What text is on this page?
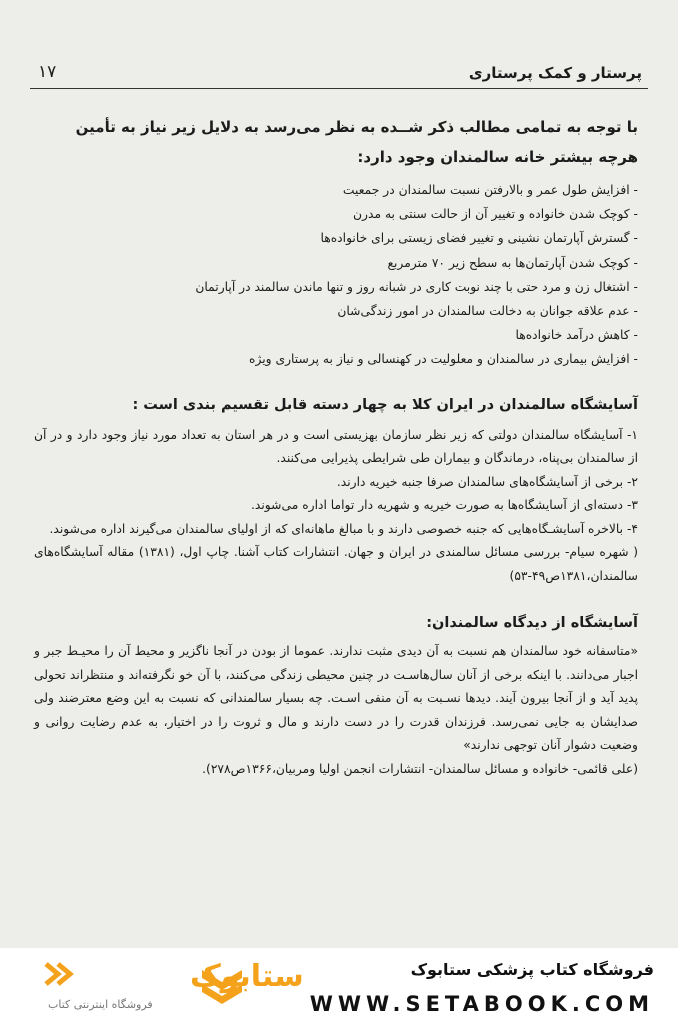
پرستار و کمک پرستاری
۱۷
با توجه به تمامی مطالب ذکر شــده به نظر می‌رسد به دلایل زیر نیاز به تأمین هرچه بیشتر خانه سالمندان وجود دارد:
- افزایش طول عمر و بالارفتن نسبت سالمندان در جمعیت
- کوچک شدن خانواده و تغییر آن از حالت سنتی به مدرن
- گسترش آپارتمان نشینی و تغییر فضای زیستی برای خانواده‌ها
- کوچک شدن آپارتمان‌ها به سطح زیر ۷۰ مترمربع
- اشتغال زن و مرد حتی با چند نوبت کاری در شبانه روز و تنها ماندن سالمند در آپارتمان
- عدم علاقه جوانان به دخالت سالمندان در امور زندگی‌شان
- کاهش درآمد خانواده‌ها
- افزایش بیماری در سالمندان و معلولیت در کهنسالی و نیاز به پرستاری ویژه
آسایشگاه سالمندان در ایران کلا به چهار دسته قابل تقسیم بندی است :
۱- آسایشگاه سالمندان دولتی که زیر نظر سازمان بهزیستی است و در هر استان به تعداد مورد نیاز وجود دارد و در آن از سالمندان بی‌پناه، درماندگان و بیماران طی شرایطی پذیرایی می‌کنند.
۲- برخی از آسایشگاه‌های سالمندان صرفا جنبه خیریه دارند.
۳- دسته‌ای از آسایشگاه‌ها به صورت خیریه و شهریه دار تواما اداره می‌شوند.
۴- بالاخره آسایشـگاه‌هایی که جنبه خصوصی دارند و با مبالغ ماهانه‌ای که از اولیای سالمندان می‌گیرند اداره می‌شوند.
( شهره سیام- بررسی مسائل سالمندی در ایران و جهان. انتشارات کتاب آشنا. چاپ اول، (۱۳۸۱) مقاله آسایشگاه‌های سالمندان،۱۳۸۱ص۴۹-۵۳)
آسایشگاه از دیدگاه سالمندان:

«متاسفانه خود سالمندان هم نسبت به آن دیدی مثبت ندارند. عموما از بودن در آنجا ناگزیر و محیط آن را محیـط جبر و اجبار می‌دانند. با اینکه برخی از آنان سال‌هاسـت در چنین محیطی زندگی می‌کنند، با آن خو نگرفته‌اند و منتظراند تحولی پدید آید و از آنجا بیرون آیند. دیدها نسـبت به آن منفی اسـت. چه بسیار سالمندانی که نسبت به این وضع معترضند ولی صدایشان به جایی نمی‌رسد. فرزندان قدرت را در دست دارند و مال و ثروت را در اختیار، به عدم رضایت روانی و وضعیت دشوار آنان توجهی ندارند»

(علی قائمی- خانواده و مسائل سالمندان- انتشارات انجمن اولیا ومربیان،۱۳۶۶ص۲۷۸).

ستابوک
فروشگاه اینترنتی کتاب
فروشگاه کتاب پزشکی ستابوک
WWW.SETABOOK.COM
